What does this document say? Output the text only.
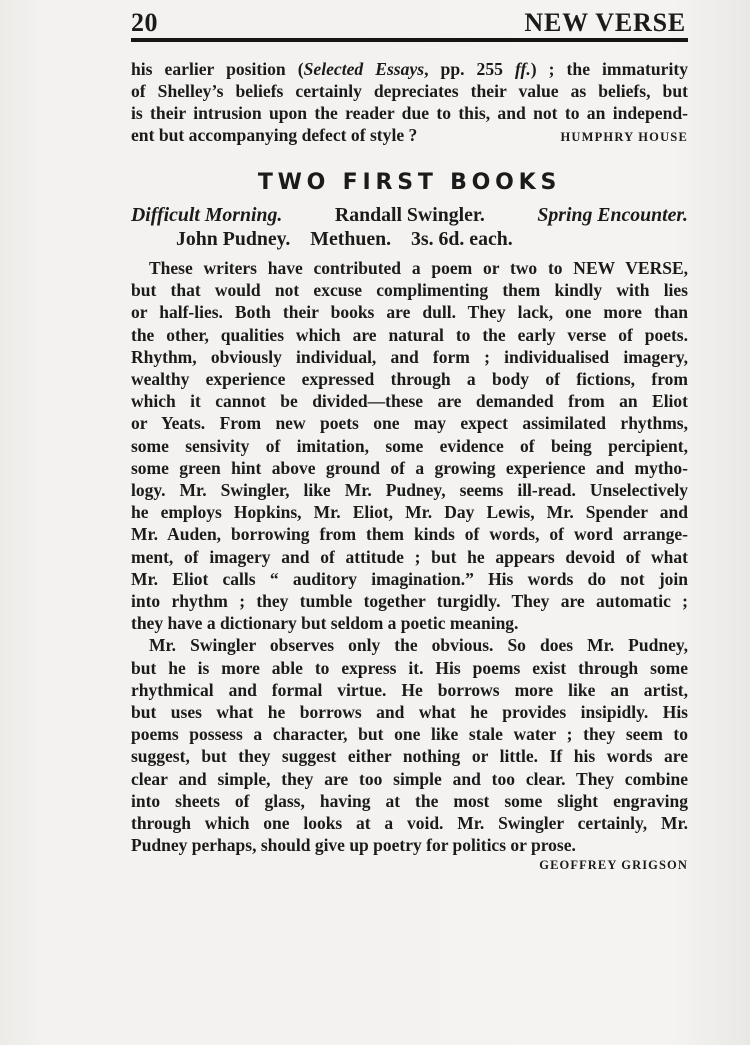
20	NEW VERSE
his earlier position (Selected Essays, pp. 255 ff.) ; the immaturity
of Shelley’s beliefs certainly depreciates their value as beliefs, but
is their intrusion upon the reader due to this, and not to an independ-
ent but accompanying defect of style ?	HUMPHRY HOUSE
TWO FIRST BOOKS
Difficult Morning.	Randall Swingler.	Spring Encounter.
John Pudney. Methuen. 3s. 6d. each.
These writers have contributed a poem or two to NEW VERSE,
but that would not excuse complimenting them kindly with lies
or half-lies. Both their books are dull. They lack, one more than
the other, qualities which are natural to the early verse of poets.
Rhythm, obviously individual, and form ; individualised imagery,
wealthy experience expressed through a body of fictions, from
which it cannot be divided—these are demanded from an Eliot
or Yeats. From new poets one may expect assimilated rhythms,
some sensivity of imitation, some evidence of being percipient,
some green hint above ground of a growing experience and mytho-
logy. Mr. Swingler, like Mr. Pudney, seems ill-read. Unselectively
he employs Hopkins, Mr. Eliot, Mr. Day Lewis, Mr. Spender and
Mr. Auden, borrowing from them kinds of words, of word arrange-
ment, of imagery and of attitude ; but he appears devoid of what
Mr. Eliot calls “ auditory imagination.” His words do not join
into rhythm ; they tumble together turgidly. They are automatic ;
they have a dictionary but seldom a poetic meaning.
Mr. Swingler observes only the obvious. So does Mr. Pudney,
but he is more able to express it. His poems exist through some
rhythmical and formal virtue. He borrows more like an artist,
but uses what he borrows and what he provides insipidly. His
poems possess a character, but one like stale water ; they seem to
suggest, but they suggest either nothing or little. If his words are
clear and simple, they are too simple and too clear. They combine
into sheets of glass, having at the most some slight engraving
through which one looks at a void. Mr. Swingler certainly, Mr.
Pudney perhaps, should give up poetry for politics or prose.
GEOFFREY GRIGSON
